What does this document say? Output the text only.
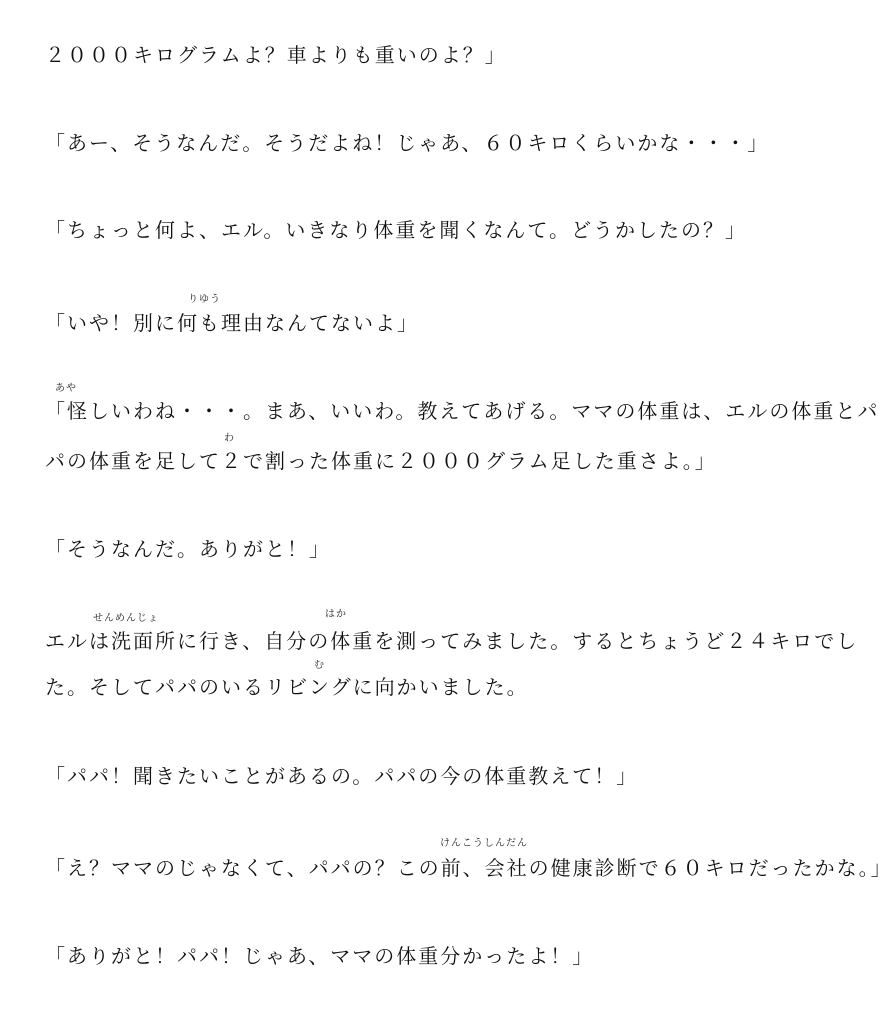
２０００キログラムよ？車よりも重いのよ？」
「あー、そうなんだ。そうだよね！じゃあ、６０キロくらいかな・・・」
「ちょっと何よ、エル。いきなり体重を聞くなんて。どうかしたの？」
りゆう
「いや！別に何も理由なんてないよ」
あや
「怪しいわね・・・。まあ、いいわ。教えてあげる。ママの体重は、エルの体重とパ
わ
パの体重を足して２で割った体重に２０００グラム足した重さよ。」
「そうなんだ。ありがと！」
せんめんじょ	はか
エルは洗面所に行き、自分の体重を測ってみました。するとちょうど２４キロでし
む
た。そしてパパのいるリビングに向かいました。
「パパ！聞きたいことがあるの。パパの今の体重教えて！」
けんこうしんだん
「え？ママのじゃなくて、パパの？この前、会社の健康診断で６０キロだったかな。」
「ありがと！パパ！じゃあ、ママの体重分かったよ！」
